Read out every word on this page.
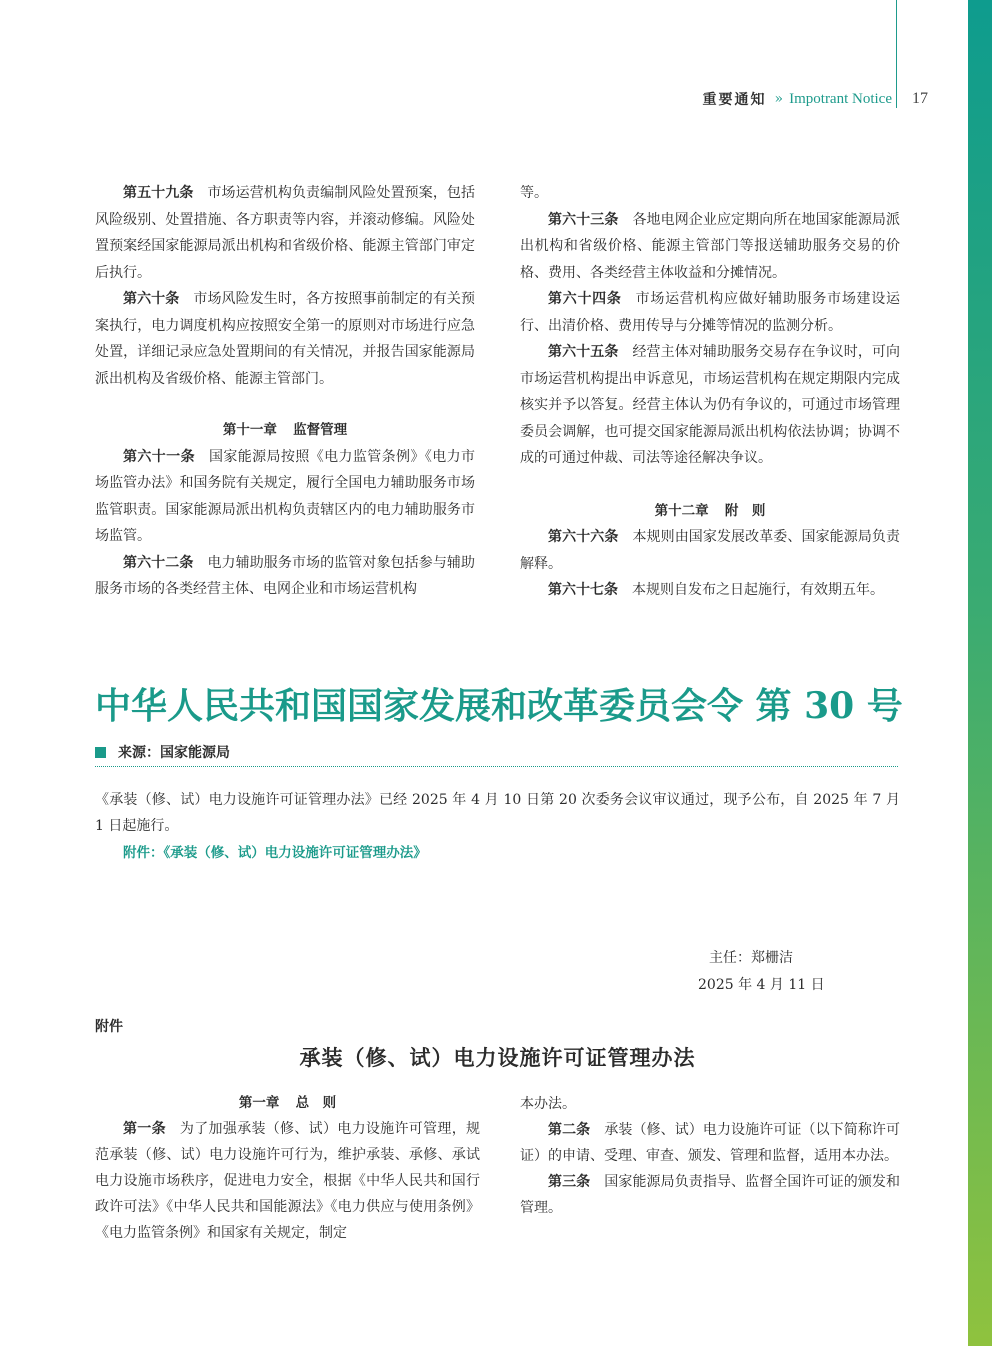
重要通知 » Impotrant Notice 17

第五十九条 市场运营机构负责编制风险处置预案，包括风险级别、处置措施、各方职责等内容，并滚动修编。风险处置预案经国家能源局派出机构和省级价格、能源主管部门审定后执行。

第六十条 市场风险发生时，各方按照事前制定的有关预案执行，电力调度机构应按照安全第一的原则对市场进行应急处置，详细记录应急处置期间的有关情况，并报告国家能源局派出机构及省级价格、能源主管部门。

第十一章 监督管理

第六十一条 国家能源局按照《电力监管条例》《电力市场监管办法》和国务院有关规定，履行全国电力辅助服务市场监管职责。国家能源局派出机构负责辖区内的电力辅助服务市场监管。

第六十二条 电力辅助服务市场的监管对象包括参与辅助服务市场的各类经营主体、电网企业和市场运营机构

等。

第六十三条 各地电网企业应定期向所在地国家能源局派出机构和省级价格、能源主管部门等报送辅助服务交易的价格、费用、各类经营主体收益和分摊情况。

第六十四条 市场运营机构应做好辅助服务市场建设运行、出清价格、费用传导与分摊等情况的监测分析。

第六十五条 经营主体对辅助服务交易存在争议时，可向市场运营机构提出申诉意见，市场运营机构在规定期限内完成核实并予以答复。经营主体认为仍有争议的，可通过市场管理委员会调解，也可提交国家能源局派出机构依法协调；协调不成的可通过仲裁、司法等途径解决争议。

第十二章 附　则

第六十六条 本规则由国家发展改革委、国家能源局负责解释。

第六十七条 本规则自发布之日起施行，有效期五年。

中华人民共和国国家发展和改革委员会令 第 30 号
来源：国家能源局

《承装（修、试）电力设施许可证管理办法》已经 2025 年 4 月 10 日第 20 次委务会议审议通过，现予公布，自 2025 年 7 月 1 日起施行。

附件：《承装（修、试）电力设施许可证管理办法》
主任：郑栅洁
2025 年 4 月 11 日
附件
承装（修、试）电力设施许可证管理办法

第一章 总　则

第一条 为了加强承装（修、试）电力设施许可管理，规范承装（修、试）电力设施许可行为，维护承装、承修、承试电力设施市场秩序，促进电力安全，根据《中华人民共和国行政许可法》《中华人民共和国能源法》《电力供应与使用条例》《电力监管条例》和国家有关规定，制定

本办法。

第二条 承装（修、试）电力设施许可证（以下简称许可证）的申请、受理、审查、颁发、管理和监督，适用本办法。

第三条 国家能源局负责指导、监督全国许可证的颁发和管理。
